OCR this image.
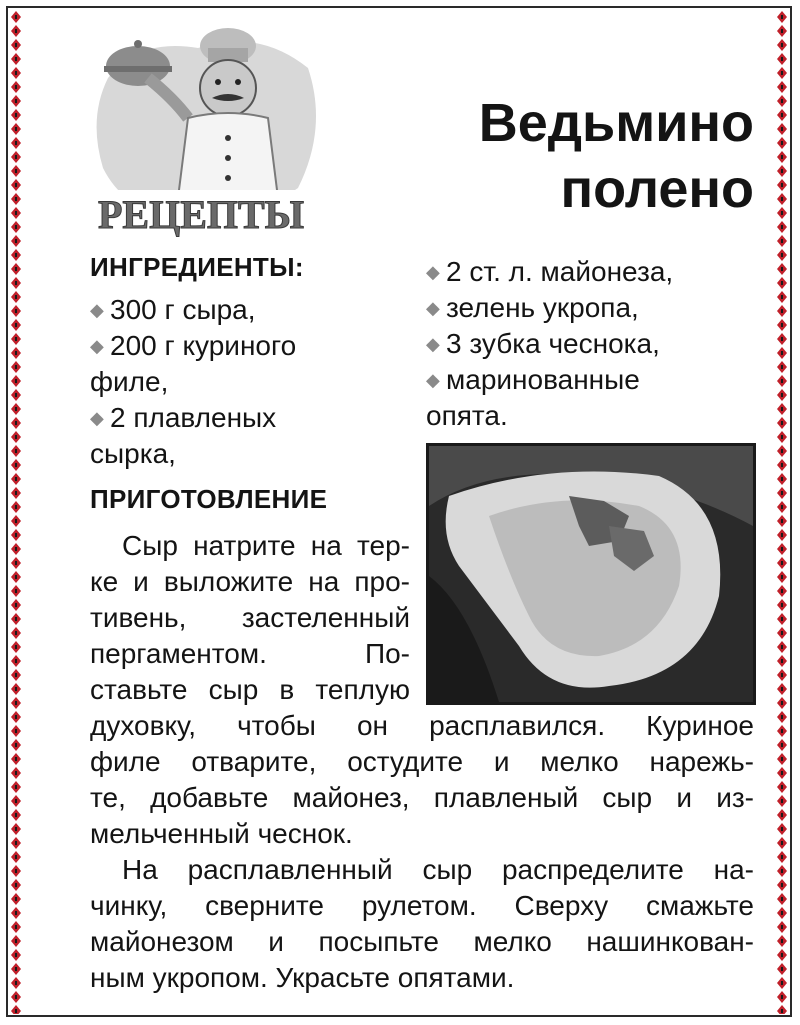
РЕЦЕПТЫ
Ведьмино
полено
ИНГРЕДИЕНТЫ:
◆ 300 г сыра,
◆ 200 г куриного
филе,
◆ 2 плавленых
сырка,
◆ 2 ст. л. майонеза,
◆ зелень укропа,
◆ 3 зубка чеснока,
◆ маринованные
опята.
ПРИГОТОВЛЕНИЕ
Сыр натрите на тер-
ке и выложите на про-
тивень, застеленный
пергаментом. По-
ставьте сыр в теплую
духовку, чтобы он расплавился. Куриное
филе отварите, остудите и мелко нарежь-
те, добавьте майонез, плавленый сыр и из-
мельченный чеснок.
На расплавленный сыр распределите на-
чинку, сверните рулетом. Сверху смажьте
майонезом и посыпьте мелко нашинкован-
ным укропом. Украсьте опятами.
